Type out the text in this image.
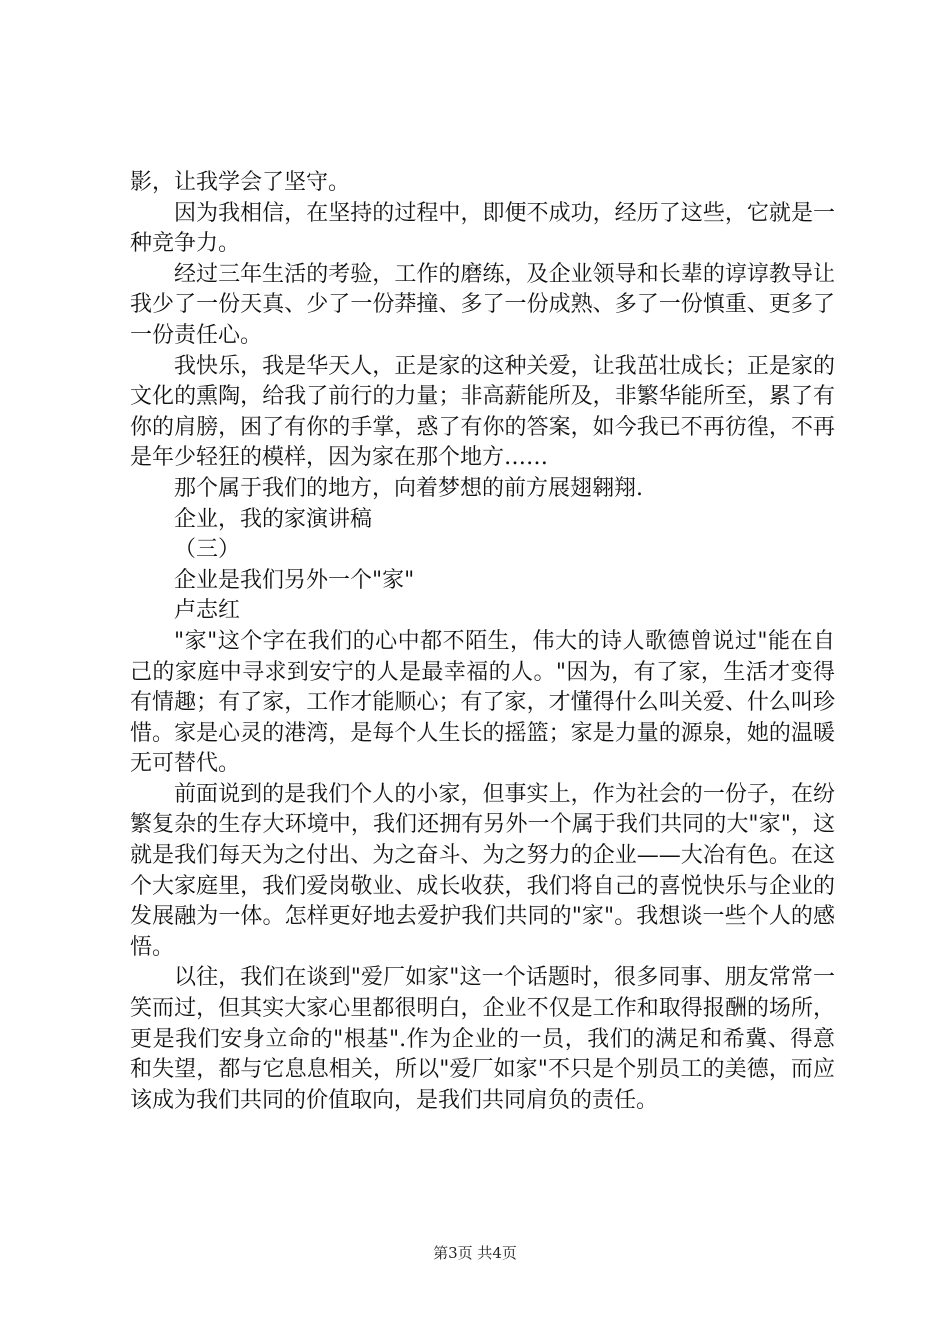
影，让我学会了坚守。

因为我相信，在坚持的过程中，即便不成功，经历了这些，它就是一种竞争力。

经过三年生活的考验，工作的磨练，及企业领导和长辈的谆谆教导让我少了一份天真、少了一份莽撞、多了一份成熟、多了一份慎重、更多了一份责任心。

我快乐，我是华天人，正是家的这种关爱，让我茁壮成长；正是家的文化的熏陶，给我了前行的力量；非高薪能所及，非繁华能所至，累了有你的肩膀，困了有你的手掌，惑了有你的答案，如今我已不再彷徨，不再是年少轻狂的模样，因为家在那个地方……

那个属于我们的地方，向着梦想的前方展翅翱翔.

企业，我的家演讲稿

（三）

企业是我们另外一个"家"

卢志红

"家"这个字在我们的心中都不陌生，伟大的诗人歌德曾说过"能在自己的家庭中寻求到安宁的人是最幸福的人。"因为，有了家，生活才变得有情趣；有了家，工作才能顺心；有了家，才懂得什么叫关爱、什么叫珍惜。家是心灵的港湾，是每个人生长的摇篮；家是力量的源泉，她的温暖无可替代。

前面说到的是我们个人的小家，但事实上，作为社会的一份子，在纷繁复杂的生存大环境中，我们还拥有另外一个属于我们共同的大"家"，这就是我们每天为之付出、为之奋斗、为之努力的企业——大冶有色。在这个大家庭里，我们爱岗敬业、成长收获，我们将自己的喜悦快乐与企业的发展融为一体。怎样更好地去爱护我们共同的"家"。我想谈一些个人的感悟。

以往，我们在谈到"爱厂如家"这一个话题时，很多同事、朋友常常一笑而过，但其实大家心里都很明白，企业不仅是工作和取得报酬的场所，更是我们安身立命的"根基".作为企业的一员，我们的满足和希冀、得意和失望，都与它息息相关，所以"爱厂如家"不只是个别员工的美德，而应该成为我们共同的价值取向，是我们共同肩负的责任。

第3页 共4页
